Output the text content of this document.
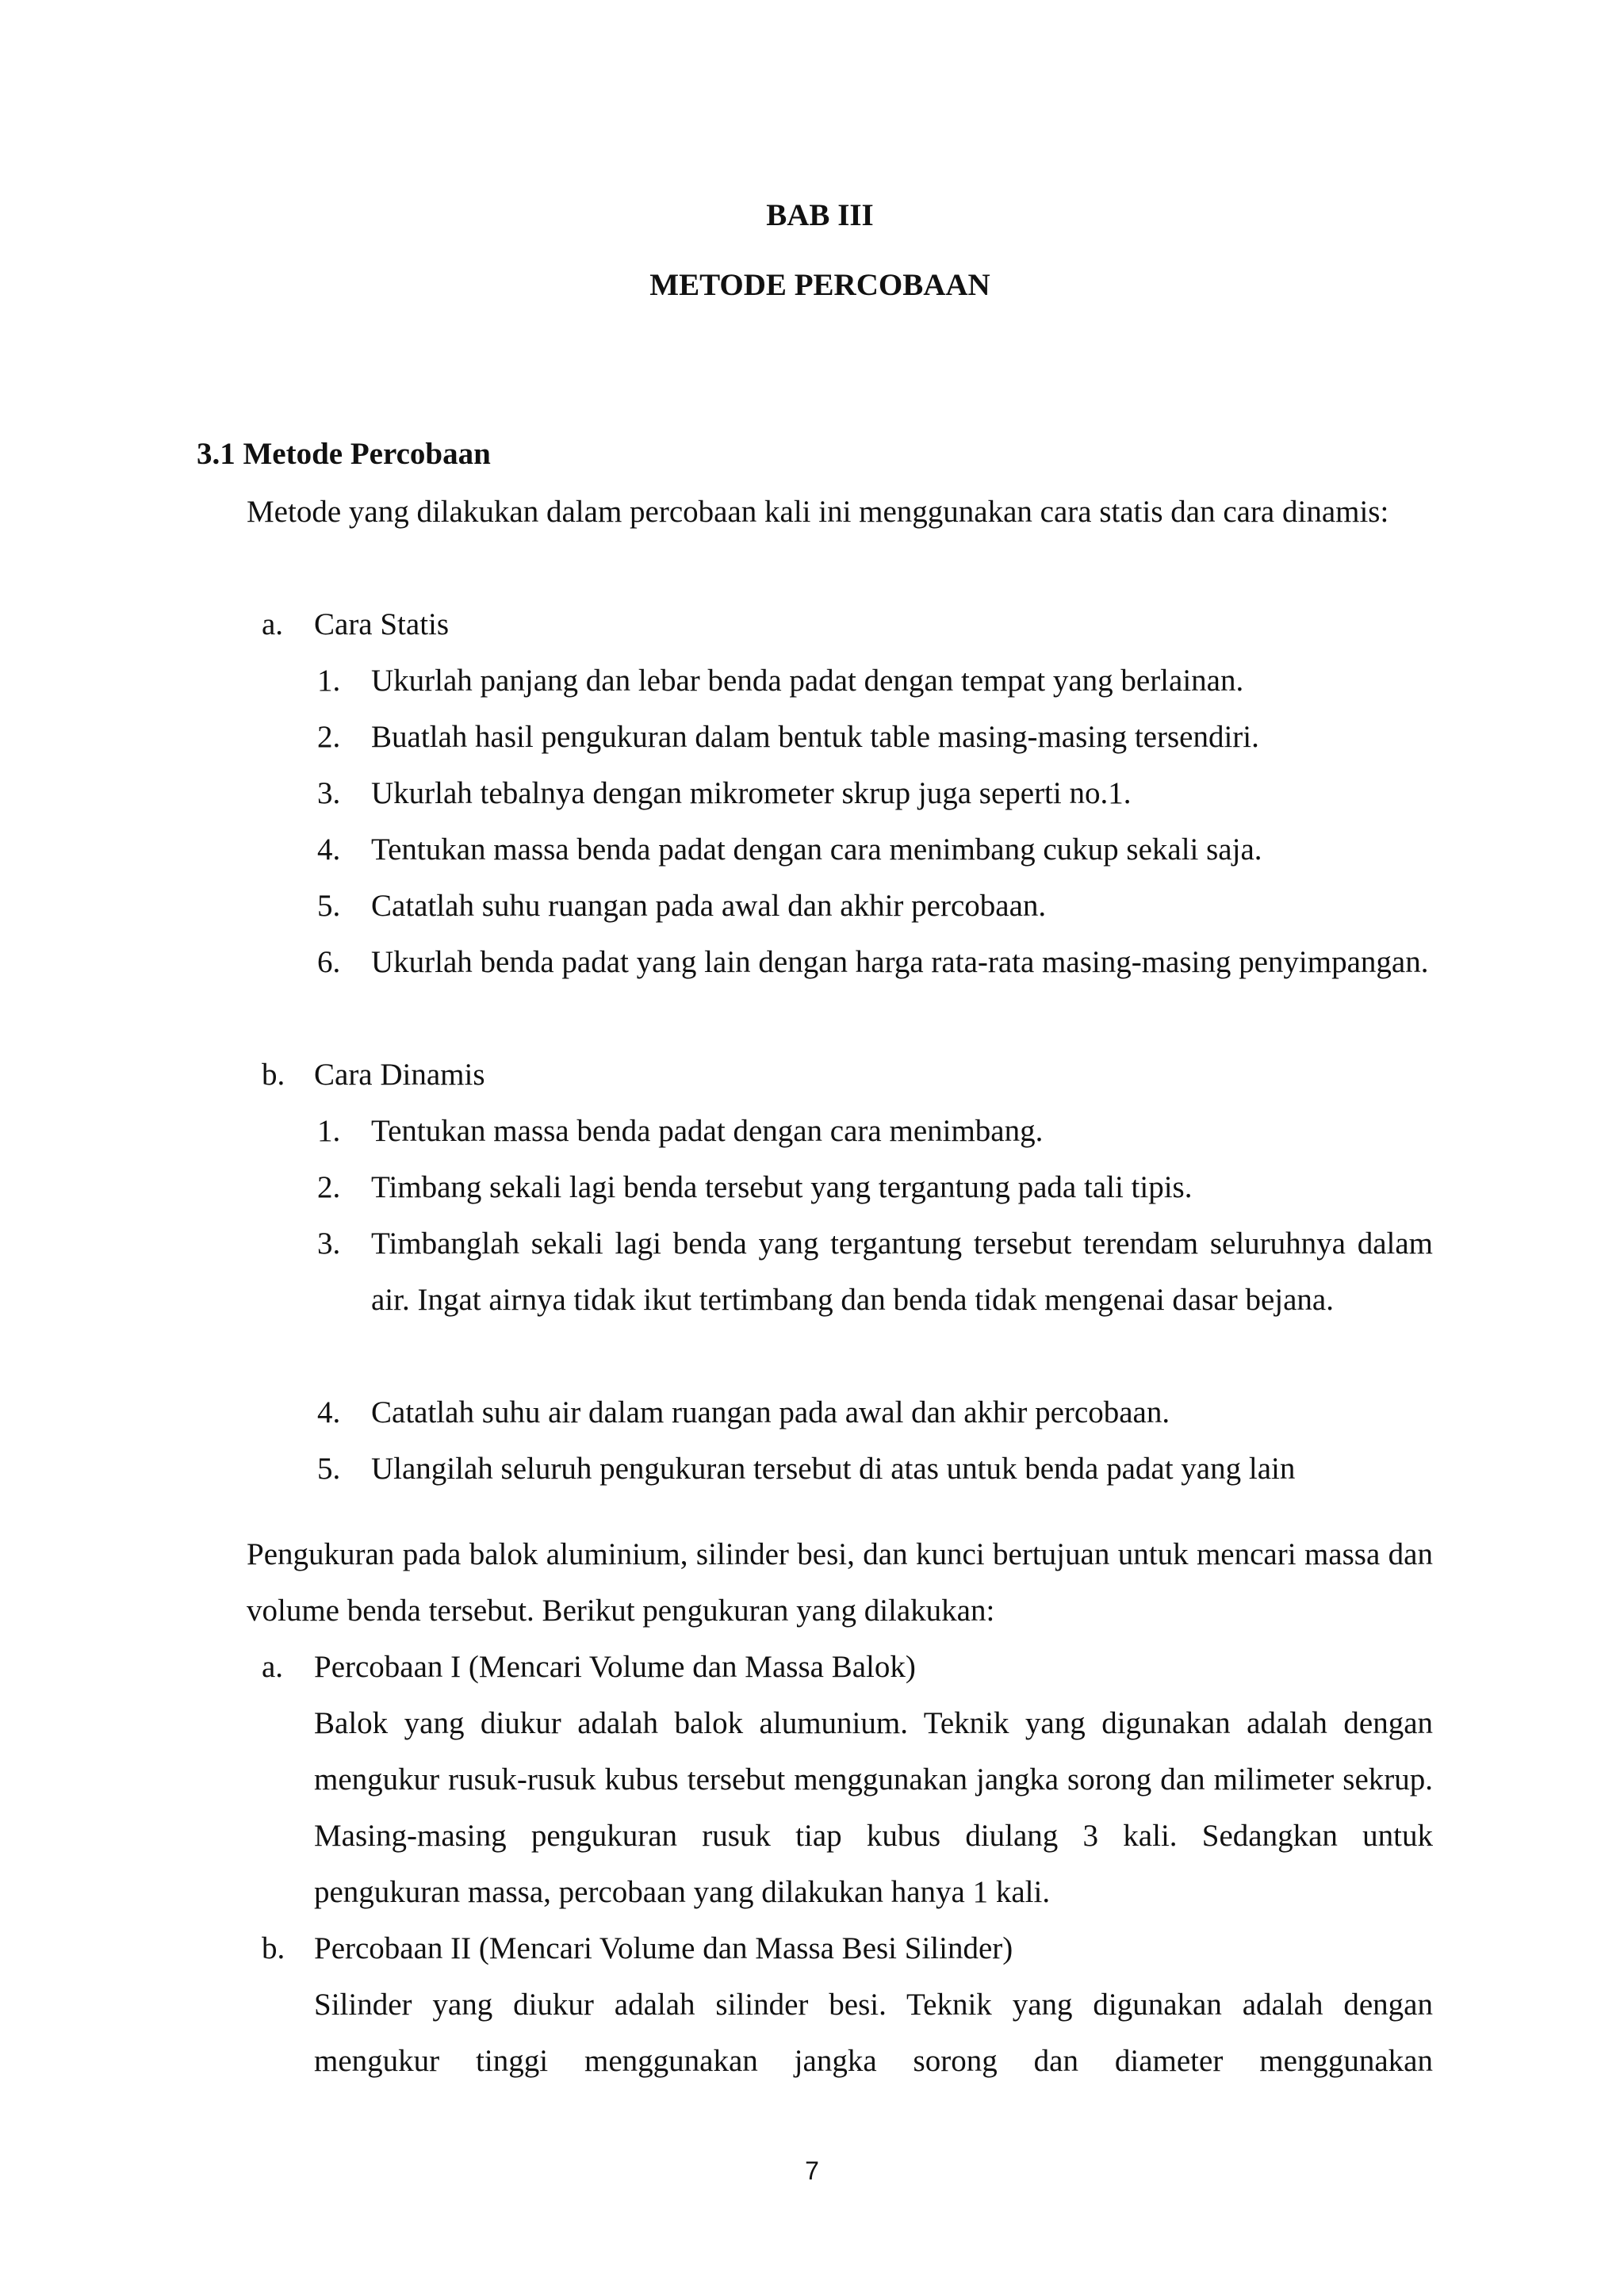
BAB III
METODE PERCOBAAN
3.1 Metode Percobaan

Metode yang dilakukan dalam percobaan kali ini menggunakan cara statis dan cara dinamis:

a. Cara Statis
1. Ukurlah panjang dan lebar benda padat dengan tempat yang berlainan.
2. Buatlah hasil pengukuran dalam bentuk table masing-masing tersendiri.
3. Ukurlah tebalnya dengan mikrometer skrup juga seperti no.1.
4. Tentukan massa benda padat dengan cara menimbang cukup sekali saja.
5. Catatlah suhu ruangan pada awal dan akhir percobaan.
6. Ukurlah benda padat yang lain dengan harga rata-rata masing-masing penyimpangan.
b. Cara Dinamis
1. Tentukan massa benda padat dengan cara menimbang.
2. Timbang sekali lagi benda tersebut yang tergantung pada tali tipis.
3. Timbanglah sekali lagi benda yang tergantung tersebut terendam seluruhnya dalam air. Ingat airnya tidak ikut tertimbang dan benda tidak mengenai dasar bejana.
4. Catatlah suhu air dalam ruangan pada awal dan akhir percobaan.
5. Ulangilah seluruh pengukuran tersebut di atas untuk benda padat yang lain

Pengukuran pada balok aluminium, silinder besi, dan kunci bertujuan untuk mencari massa dan volume benda tersebut. Berikut pengukuran yang dilakukan:

a. Percobaan I (Mencari Volume dan Massa Balok)

Balok yang diukur adalah balok alumunium. Teknik yang digunakan adalah dengan mengukur rusuk-rusuk kubus tersebut menggunakan jangka sorong dan milimeter sekrup. Masing-masing pengukuran rusuk tiap kubus diulang 3 kali. Sedangkan untuk pengukuran massa, percobaan yang dilakukan hanya 1 kali.

b. Percobaan II (Mencari Volume dan Massa Besi Silinder)

Silinder yang diukur adalah silinder besi. Teknik yang digunakan adalah dengan mengukur tinggi menggunakan jangka sorong dan diameter menggunakan

7
